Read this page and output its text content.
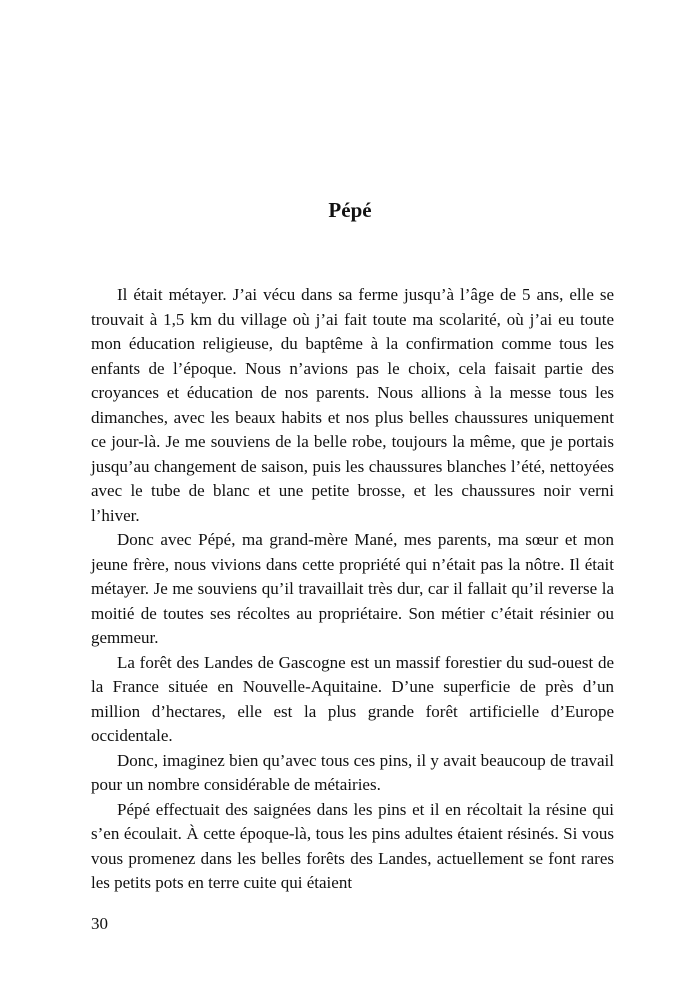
Pépé

Il était métayer. J’ai vécu dans sa ferme jusqu’à l’âge de 5 ans, elle se trouvait à 1,5 km du village où j’ai fait toute ma scolarité, où j’ai eu toute mon éducation religieuse, du baptême à la confirmation comme tous les enfants de l’époque. Nous n’avions pas le choix, cela faisait partie des croyances et éducation de nos parents. Nous allions à la messe tous les dimanches, avec les beaux habits et nos plus belles chaussures uniquement ce jour-là. Je me souviens de la belle robe, toujours la même, que je portais jusqu’au changement de saison, puis les chaussures blanches l’été, nettoyées avec le tube de blanc et une petite brosse, et les chaussures noir verni l’hiver.

Donc avec Pépé, ma grand-mère Mané, mes parents, ma sœur et mon jeune frère, nous vivions dans cette propriété qui n’était pas la nôtre. Il était métayer. Je me souviens qu’il travaillait très dur, car il fallait qu’il reverse la moitié de toutes ses récoltes au propriétaire. Son métier c’était résinier ou gemmeur.

La forêt des Landes de Gascogne est un massif forestier du sud-ouest de la France située en Nouvelle-Aquitaine. D’une superficie de près d’un million d’hectares, elle est la plus grande forêt artificielle d’Europe occidentale.

Donc, imaginez bien qu’avec tous ces pins, il y avait beaucoup de travail pour un nombre considérable de métairies.

Pépé effectuait des saignées dans les pins et il en récoltait la résine qui s’en écoulait. À cette époque-là, tous les pins adultes étaient résinés. Si vous vous promenez dans les belles forêts des Landes, actuellement se font rares les petits pots en terre cuite qui étaient

30
